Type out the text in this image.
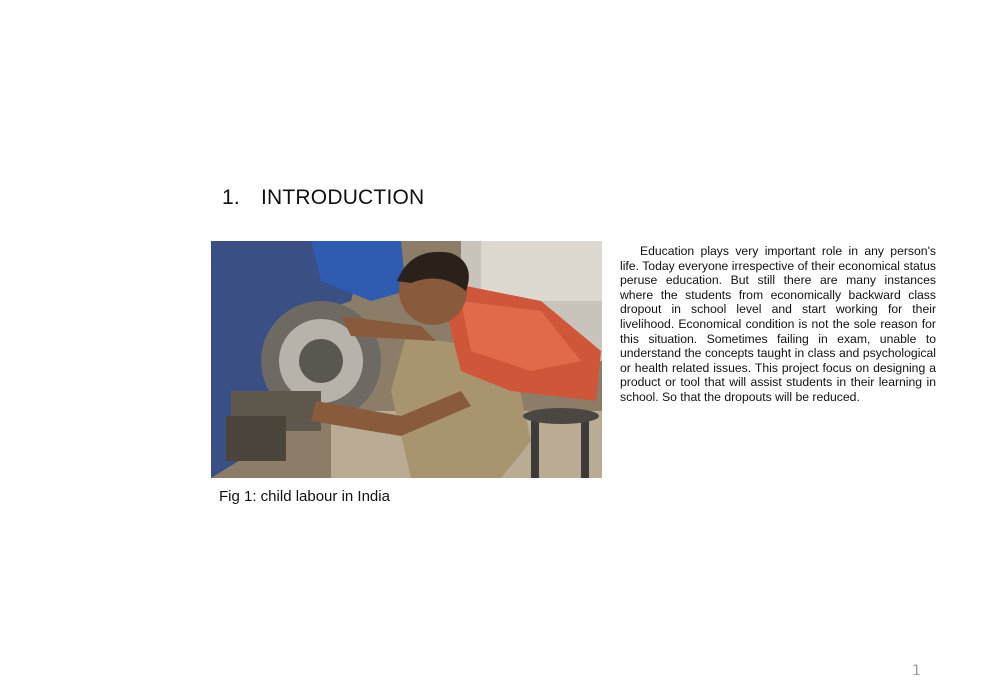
1. INTRODUCTION
Fig 1: child labour in India

Education plays very important role in any person's life. Today everyone irrespective of their economical status peruse education. But still there are many instances where the students from economically backward class dropout in school level and start working for their livelihood. Economical condition is not the sole reason for this situation. Sometimes failing in exam, unable to understand the concepts taught in class and psychological or health related issues. This project focus on designing a product or tool that will assist students in their learning in school. So that the dropouts will be reduced.

1
